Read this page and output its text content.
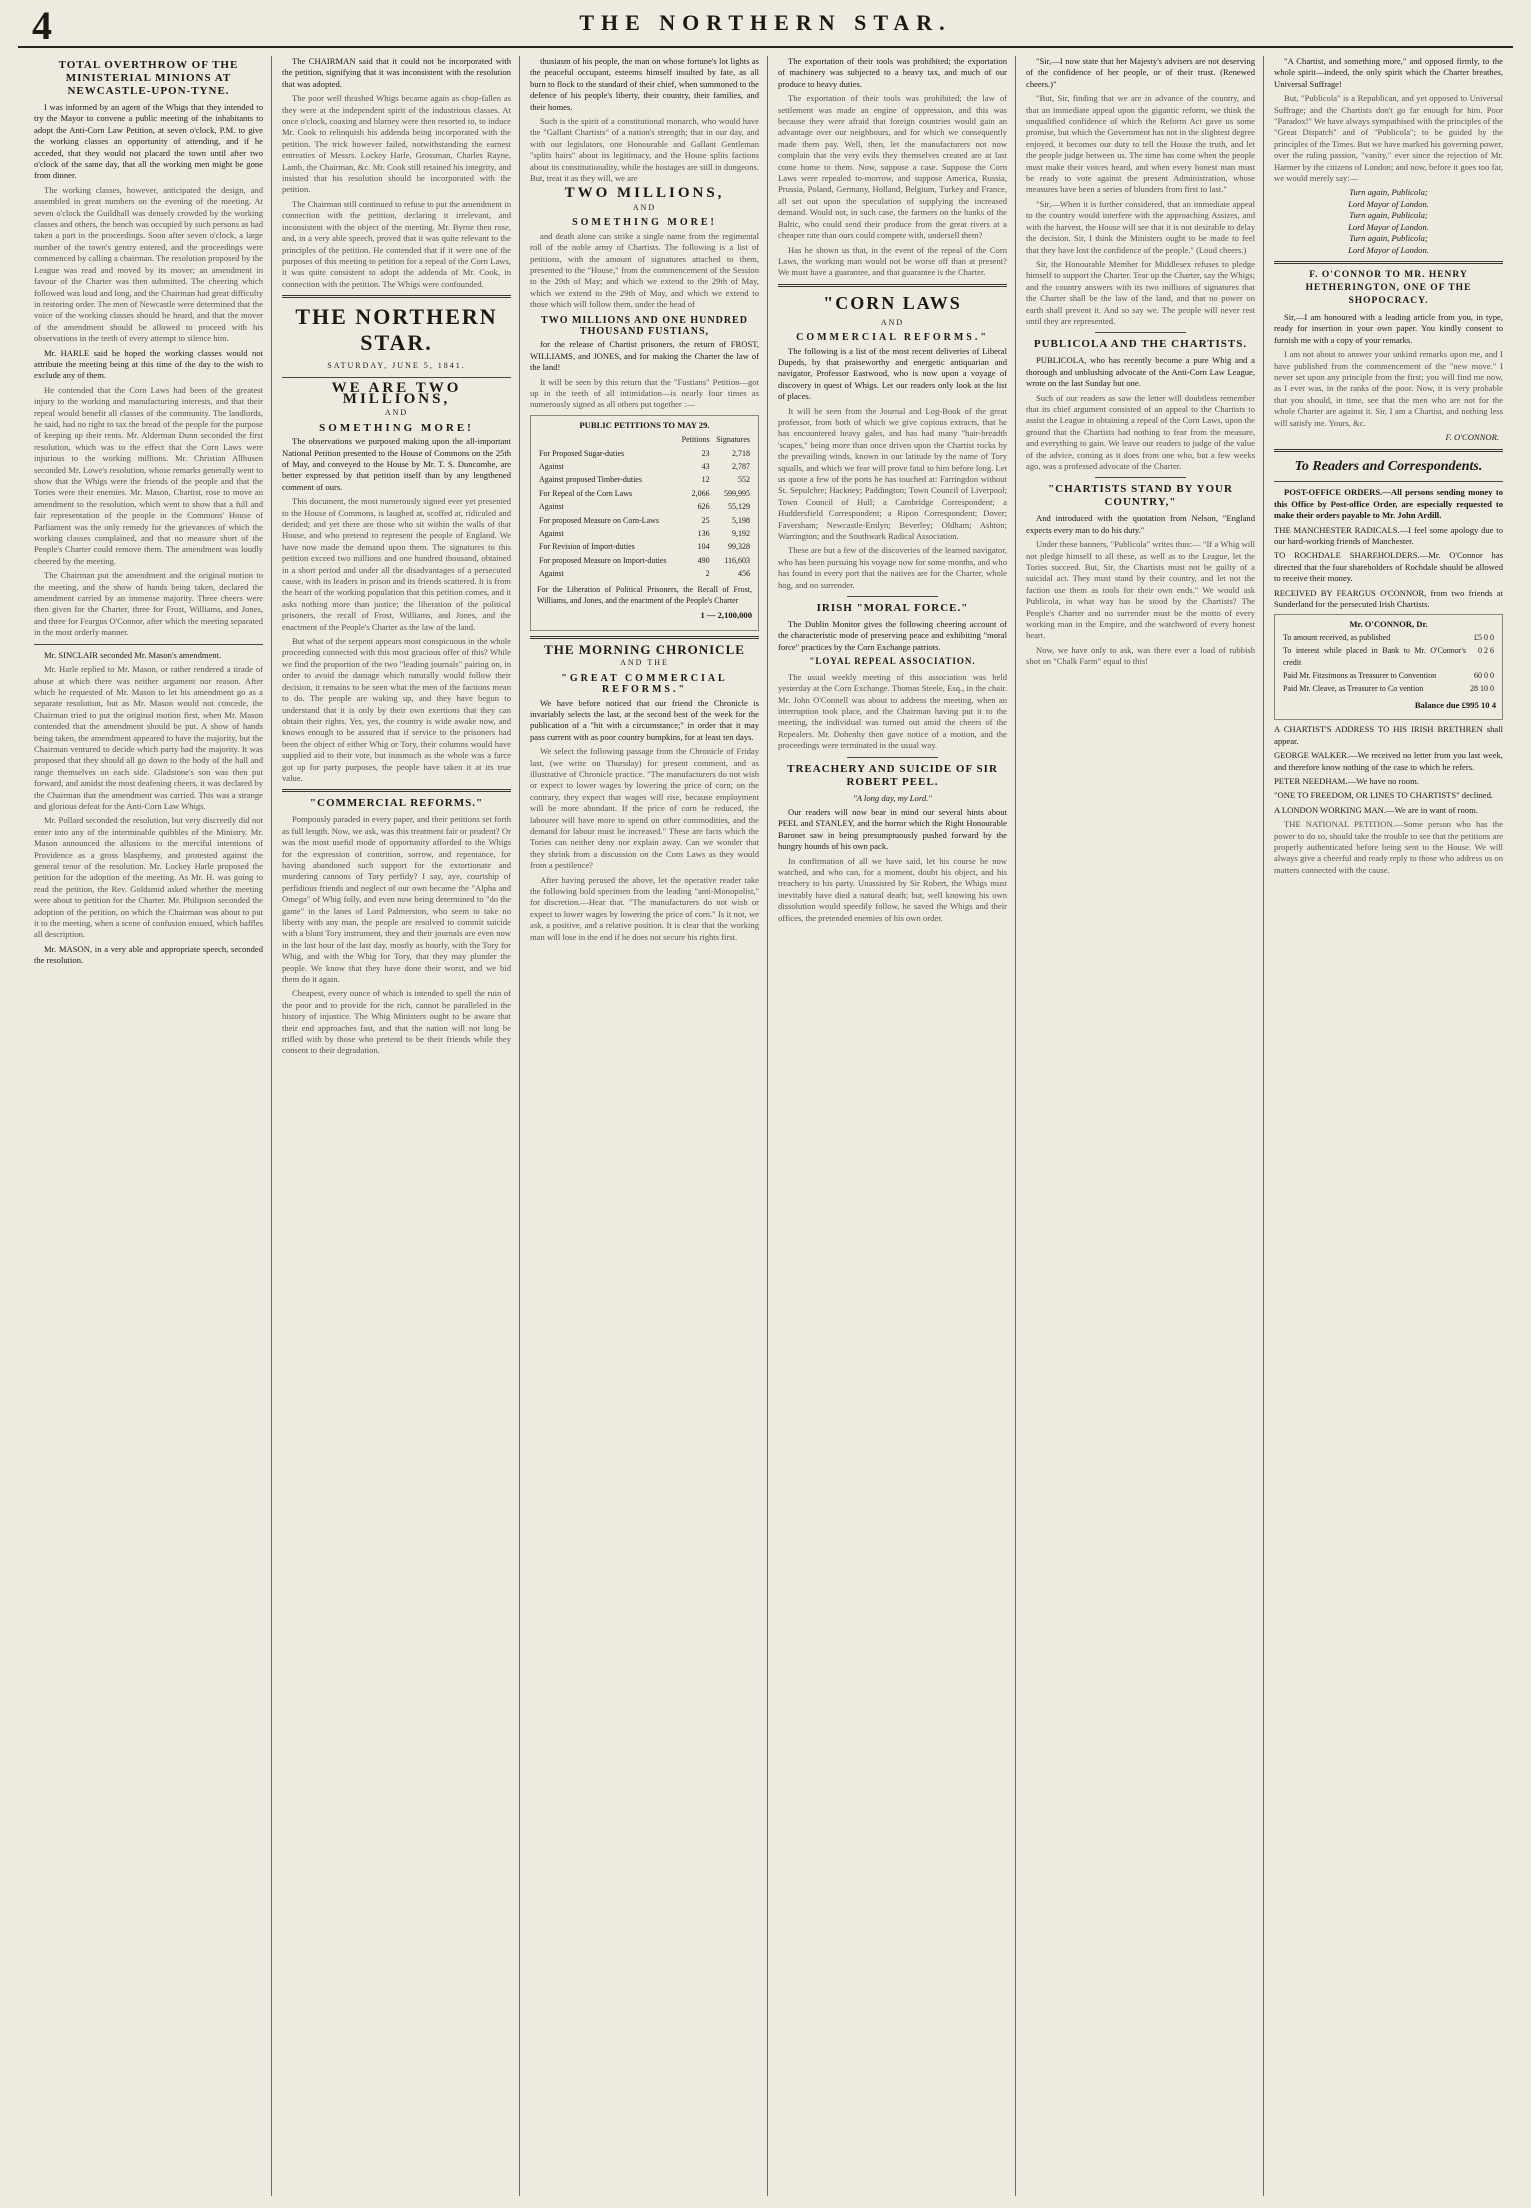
4	THE NORTHERN STAR.
TOTAL OVERTHROW OF THE MINISTERIAL MINIONS AT NEWCASTLE-UPON-TYNE.

I was informed by an agent of the Whigs that they intended to try the Mayor to convene a public meeting of the inhabitants to adopt the Anti-Corn Law Petition, at seven o'clock, P.M. to give the working classes an opportunity of attending, and if he acceded, that they would not placard the town until after two o'clock of the same day, that all the working men might be gone from dinner.

The working classes, however, anticipated the design, and assembled in great numbers on the evening of the meeting. At seven o'clock the Guildhall was densely crowded by the working classes and others, the bench was occupied by such persons as had taken a part in the proceedings. Soon after seven o'clock, a large number of the town's gentry entered, and the proceedings were commenced by calling a chairman. The resolution proposed by the League was read and moved by its mover; an amendment in favour of the Charter was then submitted. The cheering which followed was loud and long, and the Chairman had great difficulty in restoring order. The men of Newcastle were determined that the voice of the working classes should be heard, and that the mover of the amendment should be allowed to proceed with his observations in the teeth of every attempt to silence him.

Mr. HARLE said he hoped the working classes would not attribute the meeting being at this time of the day to the wish to exclude any of them.

He contended that the Corn Laws had been of the greatest injury to the working and manufacturing interests, and that their repeal would benefit all classes of the community. The landlords, he said, had no right to tax the bread of the people for the purpose of keeping up their rents. Mr. Alderman Dunn seconded the first resolution, which was to the effect that the Corn Laws were injurious to the working millions. Mr. Christian Allhusen seconded Mr. Lowe's resolution, whose remarks generally went to show that the Whigs were the friends of the people and that the Tories were their enemies. Mr. Mason, Chartist, rose to move an amendment to the resolution, which went to show that a full and fair representation of the people in the Commons' House of Parliament was the only remedy for the grievances of which the working classes complained, and that no measure short of the People's Charter could remove them. The amendment was loudly cheered by the meeting.

The Chairman put the amendment and the original motion to the meeting, and the show of hands being taken, declared the amendment carried by an immense majority. Three cheers were then given for the Charter, three for Frost, Williams, and Jones, and three for Feargus O'Connor, after which the meeting separated in the most orderly manner.

Mr. SINCLAIR seconded Mr. Mason's amendment.

Mr. Harle replied to Mr. Mason, or rather rendered a tirade of abuse at which there was neither argument nor reason. After which he requested of Mr. Mason to let his amendment go as a separate resolution, but as Mr. Mason would not concede, the Chairman tried to put the original motion first, when Mr. Mason contended that the amendment should be put. A show of hands being taken, the amendment appeared to have the majority, but the Chairman ventured to decide which party had the majority. It was proposed that they should all go down to the body of the hall and range themselves on each side. Gladstone's son was then put forward, and amidst the most deafening cheers, it was declared by the Chairman that the amendment was carried. This was a strange and glorious defeat for the Anti-Corn Law Whigs.

Mr. Pollard seconded the resolution, but very discreetly did not enter into any of the interminable quibbles of the Ministry. Mr. Mason announced the allusions to the merciful intentions of Providence as a gross blasphemy, and protested against the general tenor of the resolution. Mr. Lockey Harle proposed the petition for the adoption of the meeting. As Mr. H. was going to read the petition, the Rev. Goldsmid asked whether the meeting were about to petition for the Charter. Mr. Philipson seconded the adoption of the petition, on which the Chairman was about to put it to the meeting, when a scene of confusion ensued, which baffles all description.

Mr. MASON, in a very able and appropriate speech, seconded the resolution.

The CHAIRMAN said that it could not be incorporated with the petition, signifying that it was inconsistent with the resolution that was adopted.

The poor well thrashed Whigs became again as chop-fallen as they were at the independent spirit of the industrious classes. At once o'clock, coaxing and blarney were then resorted to, to induce Mr. Cook to relinquish his addenda being incorporated with the petition. The trick however failed, notwithstanding the earnest entreaties of Messrs. Lockey Harle, Grossman, Charles Rayne, Lamb, the Chairman, &c. Mr. Cook still retained his integrity, and insisted that his resolution should be incorporated with the petition.

The Chairman still continued to refuse to put the amendment in connection with the petition, declaring it irrelevant, and inconsistent with the object of the meeting. Mr. Byrne then rose, and, in a very able speech, proved that it was quite relevant to the principles of the petition. He contended that if it were one of the purposes of this meeting to petition for a repeal of the Corn Laws, it was quite consistent to adopt the addenda of Mr. Cook, in connection with the petition. The Whigs were confounded.

THE NORTHERN STAR.
SATURDAY, JUNE 5, 1841.
WE ARE TWO MILLIONS,
AND
SOMETHING MORE!

The observations we purposed making upon the all-important National Petition presented to the House of Commons on the 25th of May, and conveyed to the House by Mr. T. S. Duncombe, are better expressed by that petition itself than by any lengthened comment of ours.

This document, the most numerously signed ever yet presented to the House of Commons, is laughed at, scoffed at, ridiculed and derided; and yet there are those who sit within the walls of that House, and who pretend to represent the people of England. We have now made the demand upon them. The signatures to this petition exceed two millions and one hundred thousand, obtained in a short period and under all the disadvantages of a persecuted cause, with its leaders in prison and its friends scattered. It is from the heart of the working population that this petition comes, and it asks nothing more than justice; the liberation of the political prisoners, the recall of Frost, Williams, and Jones, and the enactment of the People's Charter as the law of the land.

But what of the serpent appears most conspicuous in the whole proceeding connected with this most gracious offer of this? While we find the proportion of the two "leading journals" pairing on, in order to avoid the damage which naturally would follow their decision, it remains to be seen what the men of the factions mean to do. The people are waking up, and they have begun to understand that it is only by their own exertions that they can obtain their rights. Yes, yes, the country is wide awake now, and knows enough to be assured that if service to the prisoners had been the object of either Whig or Tory, their columns would have supplied aid to their vote, but inasmuch as the whole was a farce got up for party purposes, the people have taken it at its true value.

"COMMERCIAL REFORMS."

Pompously paraded in every paper, and their petitions set forth as full length. Now, we ask, was this treatment fair or prudent? Or was the most useful mode of opportunity afforded to the Whigs for the expression of contrition, sorrow, and repentance, for having abandoned such support for the extortionate and murdering cannons of Tory perfidy? I say, aye, courtship of perfidious friends and neglect of our own became the "Alpha and Omega" of Whig folly, and even now being determined to "do the game" in the lanes of Lord Palmerston, who seem to take no liberty with any man, the people are resolved to commit suicide with a blunt Tory instrument, they and their journals are even now in the last hour of the last day, mostly as hourly, with the Tory for Whig, and with the Whig for Tory, that they may plunder the people. We know that they have done their worst, and we bid them do it again.

Cheapest, every ounce of which is intended to spell the ruin of the poor and to provide for the rich, cannot be paralleled in the history of injustice. The Whig Ministers ought to be aware that their end approaches fast, and that the nation will not long be trifled with by those who pretend to be their friends while they consent to their degradation.

thusiasm of his people, the man on whose fortune's lot lights as the peaceful occupant, esteems himself insulted by fate, as all burn to flock to the standard of their chief, when summoned to the defence of his people's liberty, their country, their families, and their homes.

Such is the spirit of a constitutional monarch, who would have the "Gallant Chartists" of a nation's strength; that in our day, and with our legislators, one Honourable and Gallant Gentleman "splits hairs" about its legitimacy, and the House splits factions about its constitutionality, while the hostages are still in dungeons. But, treat it as they will, we are

TWO MILLIONS,
AND
SOMETHING MORE!

and death alone can strike a single name from the regimental roll of the noble army of Chartists. The following is a list of petitions, with the amount of signatures attached to them, presented to the "House," from the commencement of the Session to the 29th of May; and which we extend to the 29th of May, which we extend to the 29th of May, and which we extend to those which will follow them, under the head of

TWO MILLIONS AND ONE HUNDRED THOUSAND FUSTIANS,

for the release of Chartist prisoners, the return of FROST, WILLIAMS, and JONES, and for making the Charter the law of the land!

It will be seen by this return that the "Fustians" Petition—got up in the teeth of all intimidation—is nearly four times as numerously signed as all others put together :—

PUBLIC PETITIONS TO MAY 29.
	Petitions	Signatures
For Proposed Sugar-duties	23	2,718
Against	43	2,787
Against proposed Timber-duties	12	552
For Repeal of the Corn Laws	2,066	599,995
Against	626	55,129
For proposed Measure on Corn-Laws	25	5,198
Against	136	9,192
For Revision of Import-duties	104	99,328
For proposed Measure on Import-duties	490	116,603
Against	2	456
For the Liberation of Political Prisoners, the Recall of Frost, Williams, and Jones, and the enactment of the People's Charter
1 — 2,100,000
THE MORNING CHRONICLE
AND THE
"GREAT COMMERCIAL REFORMS."

We have before noticed that our friend the Chronicle is invariably selects the last, at the second best of the week for the publication of a "hit with a circumstance;" in order that it may pass current with as poor country bumpkins, for at least ten days.

We select the following passage from the Chronicle of Friday last, (we write on Thursday) for present comment, and as illustrative of Chronicle practice. "The manufacturers do not wish or expect to lower wages by lowering the price of corn; on the contrary, they expect that wages will rise, because employment will be more abundant. If the price of corn be reduced, the labourer will have more to spend on other commodities, and the demand for labour must be increased." These are facts which the Tories can neither deny nor explain away. Can we wonder that they shrink from a discussion on the Corn Laws as they would from a pestilence?

After having perused the above, let the operative reader take the following bold specimen from the leading "anti-Monopolist," for discretion.—Hear that. "The manufacturers do not wish or expect to lower wages by lowering the price of corn." Is it not, we ask, a positive, and a relative position. It is clear that the working man will lose in the end if he does not secure his rights first.

The exportation of their tools was prohibited; the exportation of machinery was subjected to a heavy tax, and much of our produce to heavy duties.

The exportation of their tools was prohibited; the law of settlement was made an engine of oppression, and this was because they were afraid that foreign countries would gain an advantage over our neighbours, and for which we consequently made them pay. Well, then, let the manufacturers not now complain that the very evils they themselves created are at last come home to them. Now, suppose a case. Suppose the Corn Laws were repealed to-morrow, and suppose America, Russia, Prussia, Poland, Germany, Holland, Belgium, Turkey and France, all set out upon the speculation of supplying the increased demand. Would not, in such case, the farmers on the banks of the Baltic, who could send their produce from the great rivers at a cheaper rate than ours could compete with, undersell them?

Has he shown us that, in the event of the repeal of the Corn Laws, the working man would not be worse off than at present? We must have a guarantee, and that guarantee is the Charter.

"CORN LAWS
AND
COMMERCIAL REFORMS."

The following is a list of the most recent deliveries of Liberal Dupeds, by that praiseworthy and energetic antiquarian and navigator, Professor Eastwood, who is now upon a voyage of discovery in quest of Whigs. Let our readers only look at the list of places.

It will be seen from the Journal and Log-Book of the great professor, from both of which we give copious extracts, that he has encountered heavy gales, and has had many "hair-breadth 'scapes," being more than once driven upon the Chartist rocks by the prevailing winds, known in our latitude by the name of Tory squalls, and which we fear will prove fatal to him before long. Let us quote a few of the ports he has touched at: Farringdon without St. Sepulchre; Hackney; Paddington; Town Council of Liverpool; Town Council of Hull; a Cambridge Correspondent; a Huddersfield Correspondent; a Ripon Correspondent; Dover; Faversham; Newcastle-Emlyn; Beverley; Oldham; Ashton; Warrington; and the Southwark Radical Association.

These are but a few of the discoveries of the learned navigator, who has been pursuing his voyage now for some months, and who has found in every port that the natives are for the Charter, whole hog, and no surrender.

IRISH "MORAL FORCE."

The Dublin Monitor gives the following cheering account of the characteristic mode of preserving peace and exhibiting "moral force" practices by the Corn Exchange patriots.

"LOYAL REPEAL ASSOCIATION.

The usual weekly meeting of this association was held yesterday at the Corn Exchange. Thomas Steele, Esq., in the chair. Mr. John O'Connell was about to address the meeting, when an interruption took place, and the Chairman having put it to the meeting, the individual was turned out amid the cheers of the Repealers. Mr. Dohenhy then gave notice of a motion, and the proceedings were terminated in the usual way.

TREACHERY AND SUICIDE OF SIR ROBERT PEEL.
"A long day, my Lord."

Our readers will now bear in mind our several hints about PEEL and STANLEY, and the horror which the Right Honourable Baronet saw in being presumptuously pushed forward by the hungry hounds of his own pack.

In confirmation of all we have said, let his course be now watched, and who can, for a moment, doubt his object, and his treachery to his party. Unassisted by Sir Robert, the Whigs must inevitably have died a natural death; but, well knowing his own dissolution would speedily follow, he saved the Whigs and their offices, the pretended enemies of his own order.

"Sir,—I now state that her Majesty's advisers are not deserving of the confidence of her people, or of their trust. (Renewed cheers.)"

"But, Sir, finding that we are in advance of the country, and that an immediate appeal upon the gigantic reform, we think the unqualified confidence of which the Reform Act gave us some promise, but which the Government has not in the slightest degree enjoyed, it becomes our duty to tell the House the truth, and let the people judge between us. The time has come when the people must make their voices heard, and when every honest man must be ready to vote against the present Administration, whose measures have been a series of blunders from first to last."

"Sir,—When it is further considered, that an immediate appeal to the country would interfere with the approaching Assizes, and with the harvest, the House will see that it is not desirable to delay the decision. Sir, I think the Ministers ought to be made to feel that they have lost the confidence of the people." (Loud cheers.)

Sir, the Honourable Member for Middlesex refuses to pledge himself to support the Charter. Tear up the Charter, say the Whigs; and the country answers with its two millions of signatures that the Charter shall be the law of the land, and that no power on earth shall prevent it. And so say we. The people will never rest until they are represented.

PUBLICOLA AND THE CHARTISTS.

PUBLICOLA, who has recently become a pure Whig and a thorough and unblushing advocate of the Anti-Corn Law League, wrote on the last Sunday but one.

Such of our readers as saw the letter will doubtless remember that its chief argument consisted of an appeal to the Chartists to assist the League in obtaining a repeal of the Corn Laws, upon the ground that the Chartists had nothing to fear from the measure, and everything to gain. We leave our readers to judge of the value of the advice, coming as it does from one who, but a few weeks ago, was a professed advocate of the Charter.

"CHARTISTS STAND BY YOUR COUNTRY,"

And introduced with the quotation from Nelson, "England expects every man to do his duty."

Under these banners, "Publicola" writes thus:— "If a Whig will not pledge himself to all these, as well as to the League, let the Tories succeed. But, Sir, the Chartists must not be guilty of a suicidal act. They must stand by their country, and let not the faction use them as tools for their own ends." We would ask Publicola, in what way has he stood by the Chartists? The People's Charter and no surrender must be the motto of every working man in the Empire, and the watchword of every honest heart.

Now, we have only to ask, was there ever a load of rubbish shot on "Chalk Farm" equal to this!

"A Chartist, and something more," and opposed firmly, to the whole spirit—indeed, the only spirit which the Charter breathes, Universal Suffrage!

But, "Publicola" is a Republican, and yet opposed to Universal Suffrage; and the Chartists don't go far enough for him. Poor "Paradox!" We have always sympathised with the principles of the "Great Dispatch" and of "Publicola"; to be guided by the principles of the Times. But we have marked his governing power, over the ruling passion, "vanity," ever since the rejection of Mr. Harmer by the citizens of London; and now, before it goes too far, we would merely say:—

Turn again, Publicola;
Lord Mayor of London.
Turn again, Publicola;
Lord Mayor of London.
Turn again, Publicola;
Lord Mayor of London.
F. O'CONNOR TO MR. HENRY HETHERINGTON, ONE OF THE SHOPOCRACY.

Sir,—I am honoured with a leading article from you, in type, ready for insertion in your own paper. You kindly consent to furnish me with a copy of your remarks.

I am not about to answer your unkind remarks upon me, and I have published from the commencement of the "new move." I never set upon any principle from the first; you will find me now, as I ever was, in the ranks of the poor. Now, it is very probable that you should, in time, see that the men who are not for the whole Charter are against it. Sir, I am a Chartist, and nothing less will satisfy me. Yours, &c.

F. O'CONNOR.
To Readers and Correspondents.

POST-OFFICE ORDERS.—All persons sending money to this Office by Post-office Order, are especially requested to make their orders payable to Mr. John Ardill.

THE MANCHESTER RADICALS.—I feel some apology due to our hard-working friends of Manchester.
TO ROCHDALE SHAREHOLDERS.—Mr. O'Connor has directed that the four shareholders of Rochdale should be allowed to receive their money.
RECEIVED BY FEARGUS O'CONNOR, from two friends at Sunderland for the persecuted Irish Chartists.
Mr. O'CONNOR, Dr.
To amount received, as published	£5 0 0
To interest while placed in Bank to Mr. O'Connor's credit	0 2 6
Paid Mr. Fitzsimons as Treasurer to Convention	60 0 0
Paid Mr. Cleave, as Treasurer to Co vention	28 10 0
Balance due £995 10 4
A CHARTIST'S ADDRESS TO HIS IRISH BRETHREN shall appear.
GEORGE WALKER.—We received no letter from you last week, and therefore know nothing of the case to which he refers.
PETER NEEDHAM.—We have no room.
"ONE TO FREEDOM, OR LINES TO CHARTISTS" declined.
A LONDON WORKING MAN.—We are in want of room.

THE NATIONAL PETITION.—Some person who has the power to do so, should take the trouble to see that the petitions are properly authenticated before being sent to the House. We will always give a cheerful and ready reply to those who address us on matters connected with the cause.
